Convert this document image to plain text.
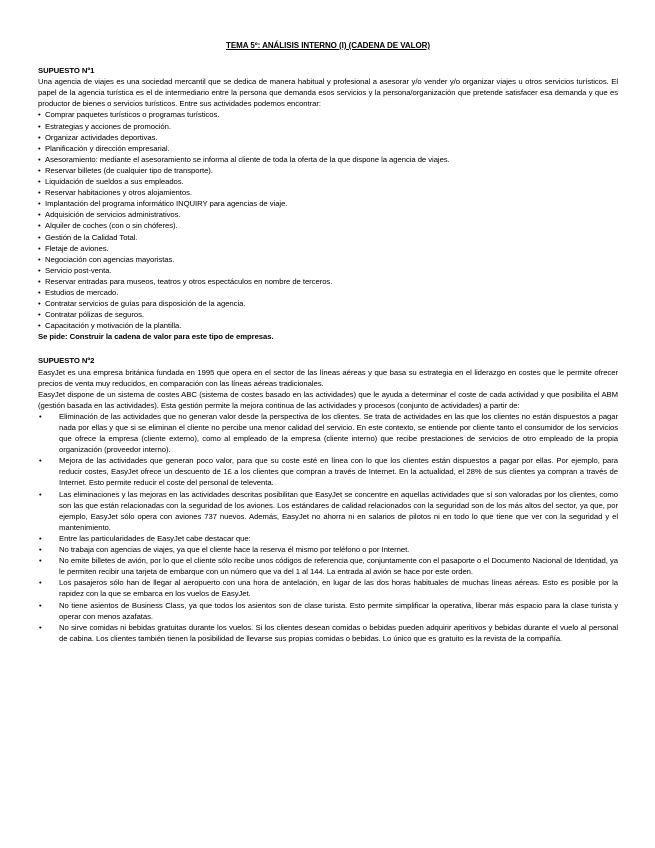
TEMA 5º: ANÁLISIS INTERNO (I) (CADENA DE VALOR)

SUPUESTO Nº1

Una agencia de viajes es una sociedad mercantil que se dedica de manera habitual y profesional a asesorar y/o vender y/o organizar viajes u otros servicios turísticos. El papel de la agencia turística es el de intermediario entre la persona que demanda esos servicios y la persona/organización que pretende satisfacer esa demanda y que es productor de bienes o servicios turísticos. Entre sus actividades podemos encontrar:

• Comprar paquetes turísticos o programas turísticos.
• Estrategias y acciones de promoción.
• Organizar actividades deportivas.
• Planificación y dirección empresarial.
• Asesoramiento: mediante el asesoramiento se informa al cliente de toda la oferta de la que dispone la agencia de viajes.
• Reservar billetes (de cualquier tipo de transporte).
• Liquidación de sueldos a sus empleados.
• Reservar habitaciones y otros alojamientos.
• Implantación del programa informático INQUIRY para agencias de viaje.
• Adquisición de servicios administrativos.
• Alquiler de coches (con o sin chóferes).
• Gestión de la Calidad Total.
• Fletaje de aviones.
• Negociación con agencias mayoristas.
• Servicio post-venta.
• Reservar entradas para museos, teatros y otros espectáculos en nombre de terceros.
• Estudios de mercado.
• Contratar servicios de guías para disposición de la agencia.
• Contratar pólizas de seguros.
• Capacitación y motivación de la plantilla.

Se pide: Construir la cadena de valor para este tipo de empresas.

SUPUESTO Nº2

EasyJet es una empresa británica fundada en 1995 que opera en el sector de las líneas aéreas y que basa su estrategia en el liderazgo en costes que le permite ofrecer precios de venta muy reducidos, en comparación con las líneas aéreas tradicionales.

EasyJet dispone de un sistema de costes ABC (sistema de costes basado en las actividades) que le ayuda a determinar el coste de cada actividad y que posibilita el ABM (gestión basada en las actividades). Esta gestión permite la mejora continua de las actividades y procesos (conjunto de actividades) a partir de:

• Eliminación de las actividades que no generan valor desde la perspectiva de los clientes. Se trata de actividades en las que los clientes no están dispuestos a pagar nada por ellas y que si se eliminan el cliente no percibe una menor calidad del servicio. En este contexto, se entiende por cliente tanto el consumidor de los servicios que ofrece la empresa (cliente externo), como al empleado de la empresa (cliente interno) que recibe prestaciones de servicios de otro empleado de la propia organización (proveedor interno).
• Mejora de las actividades que generan poco valor, para que su coste esté en línea con lo que los clientes están dispuestos a pagar por ellas. Por ejemplo, para reducir costes, EasyJet ofrece un descuento de 1£ a los clientes que compran a través de Internet. En la actualidad, el 28% de sus clientes ya compran a través de Internet. Esto permite reducir el coste del personal de televenta.
• Las eliminaciones y las mejoras en las actividades descritas posibilitan que EasyJet se concentre en aquellas actividades que sí son valoradas por los clientes, como son las que están relacionadas con la seguridad de los aviones. Los estándares de calidad relacionados con la seguridad son de los más altos del sector, ya que, por ejemplo, EasyJet sólo opera con aviones 737 nuevos. Además, EasyJet no ahorra ni en salarios de pilotos ni en todo lo que tiene que ver con la seguridad y el mantenimiento.
• Entre las particularidades de EasyJet cabe destacar que:
• No trabaja con agencias de viajes, ya que el cliente hace la reserva él mismo por teléfono o por Internet.
• No emite billetes de avión, por lo que el cliente sólo recibe unos códigos de referencia que, conjuntamente con el pasaporte o el Documento Nacional de Identidad, ya le permiten recibir una tarjeta de embarque con un número que va del 1 al 144. La entrada al avión se hace por este orden.
• Los pasajeros sólo han de llegar al aeropuerto con una hora de antelación, en lugar de las dos horas habituales de muchas líneas aéreas. Esto es posible por la rapidez con la que se embarca en los vuelos de EasyJet.
• No tiene asientos de Business Class, ya que todos los asientos son de clase turista. Esto permite simplificar la operativa, liberar más espacio para la clase turista y operar con menos azafatas.
• No sirve comidas ni bebidas gratuitas durante los vuelos. Si los clientes desean comidas o bebidas pueden adquirir aperitivos y bebidas durante el vuelo al personal de cabina. Los clientes también tienen la posibilidad de llevarse sus propias comidas o bebidas. Lo único que es gratuito es la revista de la compañía.
